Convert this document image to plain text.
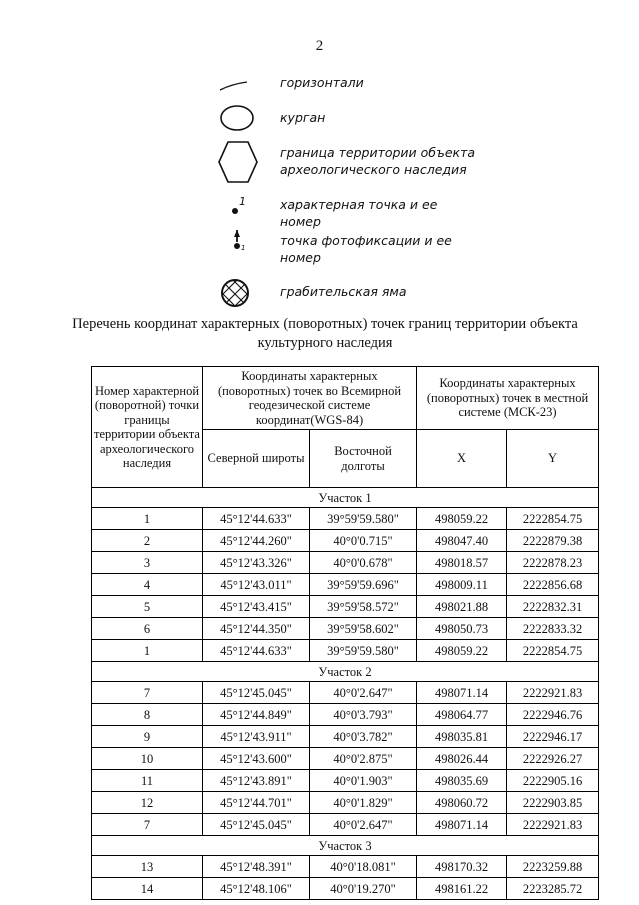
2
горизонтали
курган
граница территории объекта
археологического наследия
1	характерная точка и ее
номер
1	точка фотофиксации и ее
номер
грабительская яма
Перечень координат характерных (поворотных) точек границ территории объекта культурного наследия
Номер характерной (поворотной) точки границы территории объекта археологического наследия	Координаты характерных (поворотных) точек во Всемирной геодезической системе координат(WGS-84)		Координаты характерных (поворотных) точек в местной системе (МСК-23)	
	Северной широты	Восточной долготы	X	Y
Участок 1				
1	45°12'44.633"	39°59'59.580"	498059.22	2222854.75
2	45°12'44.260"	40°0'0.715"	498047.40	2222879.38
3	45°12'43.326"	40°0'0.678"	498018.57	2222878.23
4	45°12'43.011"	39°59'59.696"	498009.11	2222856.68
5	45°12'43.415"	39°59'58.572"	498021.88	2222832.31
6	45°12'44.350"	39°59'58.602"	498050.73	2222833.32
1	45°12'44.633"	39°59'59.580"	498059.22	2222854.75
Участок 2				
7	45°12'45.045"	40°0'2.647"	498071.14	2222921.83
8	45°12'44.849"	40°0'3.793"	498064.77	2222946.76
9	45°12'43.911"	40°0'3.782"	498035.81	2222946.17
10	45°12'43.600"	40°0'2.875"	498026.44	2222926.27
11	45°12'43.891"	40°0'1.903"	498035.69	2222905.16
12	45°12'44.701"	40°0'1.829"	498060.72	2222903.85
7	45°12'45.045"	40°0'2.647"	498071.14	2222921.83
Участок 3				
13	45°12'48.391"	40°0'18.081"	498170.32	2223259.88
14	45°12'48.106"	40°0'19.270"	498161.22	2223285.72
